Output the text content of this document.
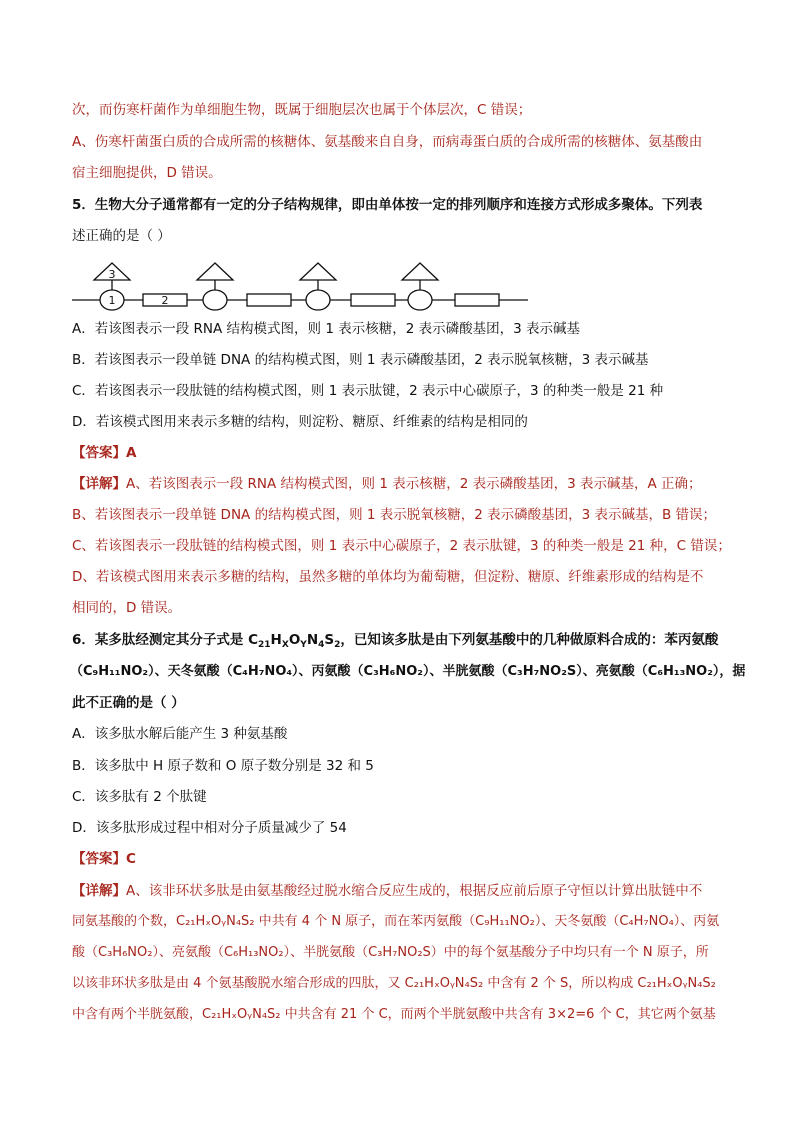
次，而伤寒杆菌作为单细胞生物，既属于细胞层次也属于个体层次，C 错误；
A、伤寒杆菌蛋白质的合成所需的核糖体、氨基酸来自自身，而病毒蛋白质的合成所需的核糖体、氨基酸由
宿主细胞提供，D 错误。
5．生物大分子通常都有一定的分子结构规律，即由单体按一定的排列顺序和连接方式形成多聚体。下列表
述正确的是（ ）
3
1	2
A．若该图表示一段 RNA 结构模式图，则 1 表示核糖，2 表示磷酸基团，3 表示碱基
B．若该图表示一段单链 DNA 的结构模式图，则 1 表示磷酸基团，2 表示脱氧核糖，3 表示碱基
C．若该图表示一段肽链的结构模式图，则 1 表示肽键，2 表示中心碳原子，3 的种类一般是 21 种
D．若该模式图用来表示多糖的结构，则淀粉、糖原、纤维素的结构是相同的
【答案】A
【详解】A、若该图表示一段 RNA 结构模式图，则 1 表示核糖，2 表示磷酸基团，3 表示碱基，A 正确；
B、若该图表示一段单链 DNA 的结构模式图，则 1 表示脱氧核糖，2 表示磷酸基团，3 表示碱基，B 错误；
C、若该图表示一段肽链的结构模式图，则 1 表示中心碳原子，2 表示肽键，3 的种类一般是 21 种，C 错误；
D、若该模式图用来表示多糖的结构，虽然多糖的单体均为葡萄糖，但淀粉、糖原、纤维素形成的结构是不
相同的，D 错误。
6．某多肽经测定其分子式是 $C_{21}H_XO_YN_4S_2$，已知该多肽是由下列氨基酸中的几种做原料合成的：苯丙氨酸
（C₉H₁₁NO₂）、天冬氨酸（C₄H₇NO₄）、丙氨酸（C₃H₆NO₂）、半胱氨酸（C₃H₇NO₂S）、亮氨酸（C₆H₁₃NO₂），据
此不正确的是（ ）
A．该多肽水解后能产生 3 种氨基酸
B．该多肽中 H 原子数和 O 原子数分别是 32 和 5
C．该多肽有 2 个肽键
D．该多肽形成过程中相对分子质量减少了 54
【答案】C
【详解】A、该非环状多肽是由氨基酸经过脱水缩合反应生成的，根据反应前后原子守恒以计算出肽链中不
同氨基酸的个数，C₂₁HₓOᵧN₄S₂ 中共有 4 个 N 原子，而在苯丙氨酸（C₉H₁₁NO₂）、天冬氨酸（C₄H₇NO₄）、丙氨
酸（C₃H₆NO₂）、亮氨酸（C₆H₁₃NO₂）、半胱氨酸（C₃H₇NO₂S）中的每个氨基酸分子中均只有一个 N 原子，所
以该非环状多肽是由 4 个氨基酸脱水缩合形成的四肽，又 C₂₁HₓOᵧN₄S₂ 中含有 2 个 S，所以构成 C₂₁HₓOᵧN₄S₂
中含有两个半胱氨酸，C₂₁HₓOᵧN₄S₂ 中共含有 21 个 C，而两个半胱氨酸中共含有 3×2=6 个 C，其它两个氨基
